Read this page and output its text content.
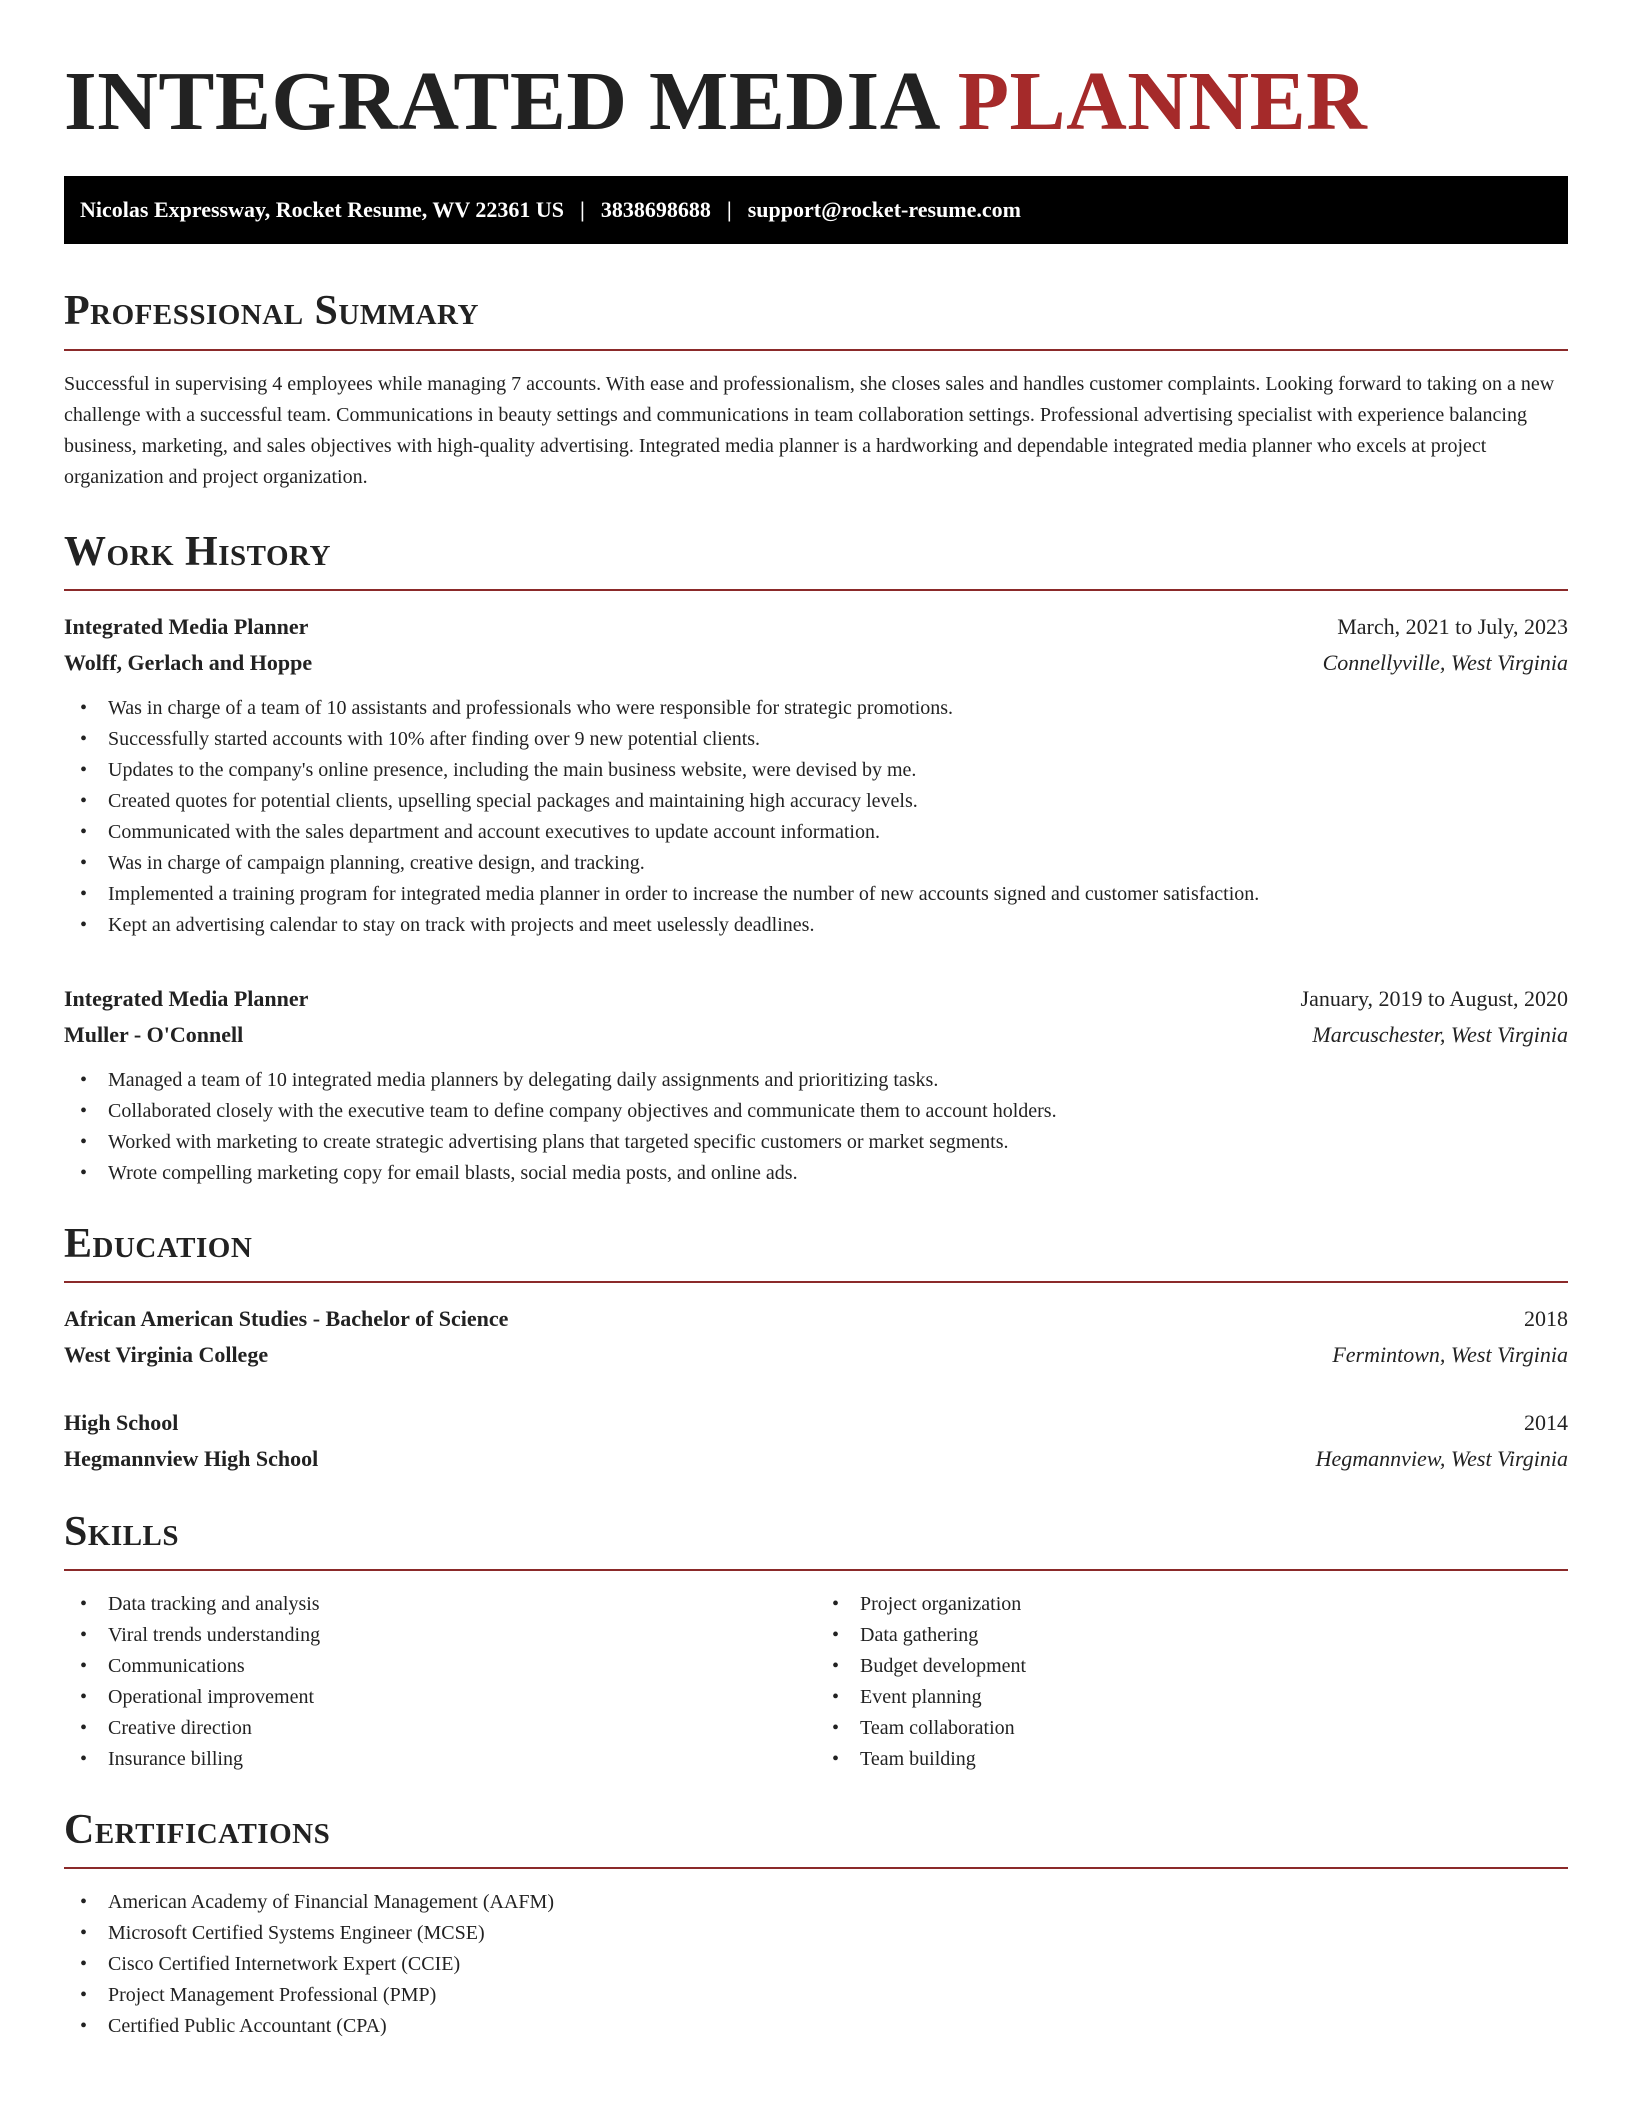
INTEGRATED MEDIA PLANNER
Nicolas Expressway, Rocket Resume, WV 22361 US | 3838698688 | support@rocket-resume.com
Professional Summary

Successful in supervising 4 employees while managing 7 accounts. With ease and professionalism, she closes sales and handles customer complaints. Looking forward to taking on a new challenge with a successful team. Communications in beauty settings and communications in team collaboration settings. Professional advertising specialist with experience balancing business, marketing, and sales objectives with high-quality advertising. Integrated media planner is a hardworking and dependable integrated media planner who excels at project organization and project organization.

Work History
Integrated Media Planner	March, 2021 to July, 2023
Wolff, Gerlach and Hoppe	Connellyville, West Virginia
• Was in charge of a team of 10 assistants and professionals who were responsible for strategic promotions.
• Successfully started accounts with 10% after finding over 9 new potential clients.
• Updates to the company's online presence, including the main business website, were devised by me.
• Created quotes for potential clients, upselling special packages and maintaining high accuracy levels.
• Communicated with the sales department and account executives to update account information.
• Was in charge of campaign planning, creative design, and tracking.
• Implemented a training program for integrated media planner in order to increase the number of new accounts signed and customer satisfaction.
• Kept an advertising calendar to stay on track with projects and meet uselessly deadlines.
Integrated Media Planner	January, 2019 to August, 2020
Muller - O'Connell	Marcuschester, West Virginia
• Managed a team of 10 integrated media planners by delegating daily assignments and prioritizing tasks.
• Collaborated closely with the executive team to define company objectives and communicate them to account holders.
• Worked with marketing to create strategic advertising plans that targeted specific customers or market segments.
• Wrote compelling marketing copy for email blasts, social media posts, and online ads.
Education
African American Studies - Bachelor of Science	2018
West Virginia College	Fermintown, West Virginia
High School	2014
Hegmannview High School	Hegmannview, West Virginia
Skills
• Data tracking and analysis
• Viral trends understanding
• Communications
• Operational improvement
• Creative direction
• Insurance billing
• Project organization
• Data gathering
• Budget development
• Event planning
• Team collaboration
• Team building
Certifications
• American Academy of Financial Management (AAFM)
• Microsoft Certified Systems Engineer (MCSE)
• Cisco Certified Internetwork Expert (CCIE)
• Project Management Professional (PMP)
• Certified Public Accountant (CPA)
